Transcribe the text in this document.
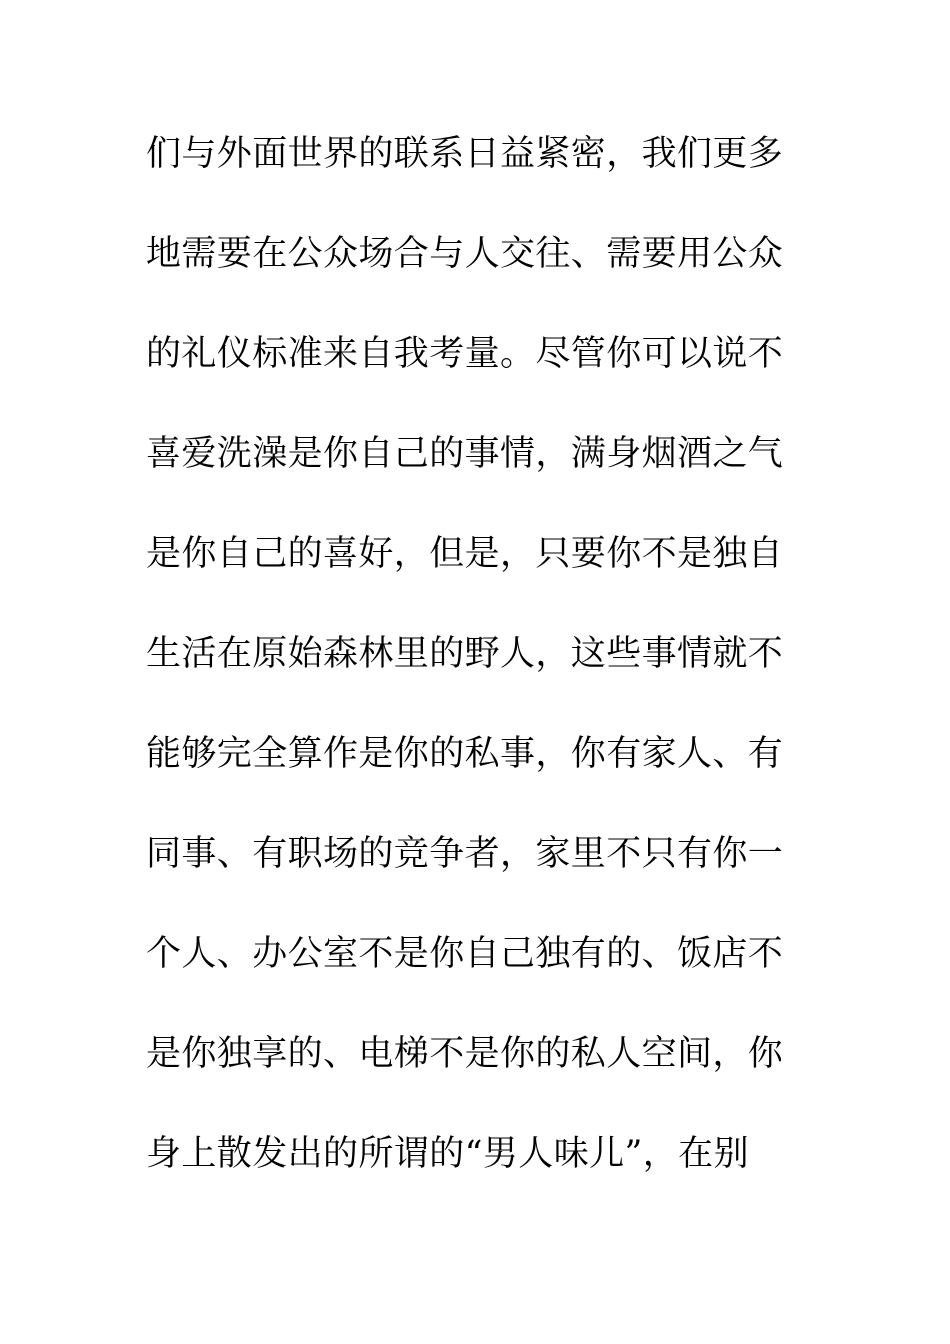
们与外面世界的联系日益紧密，我们更多
地需要在公众场合与人交往、需要用公众
的礼仪标准来自我考量。尽管你可以说不
喜爱洗澡是你自己的事情，满身烟酒之气
是你自己的喜好，但是，只要你不是独自
生活在原始森林里的野人，这些事情就不
能够完全算作是你的私事，你有家人、有
同事、有职场的竞争者，家里不只有你一
个人、办公室不是你自己独有的、饭店不
是你独享的、电梯不是你的私人空间，你
身上散发出的所谓的“男人味儿”，在别
